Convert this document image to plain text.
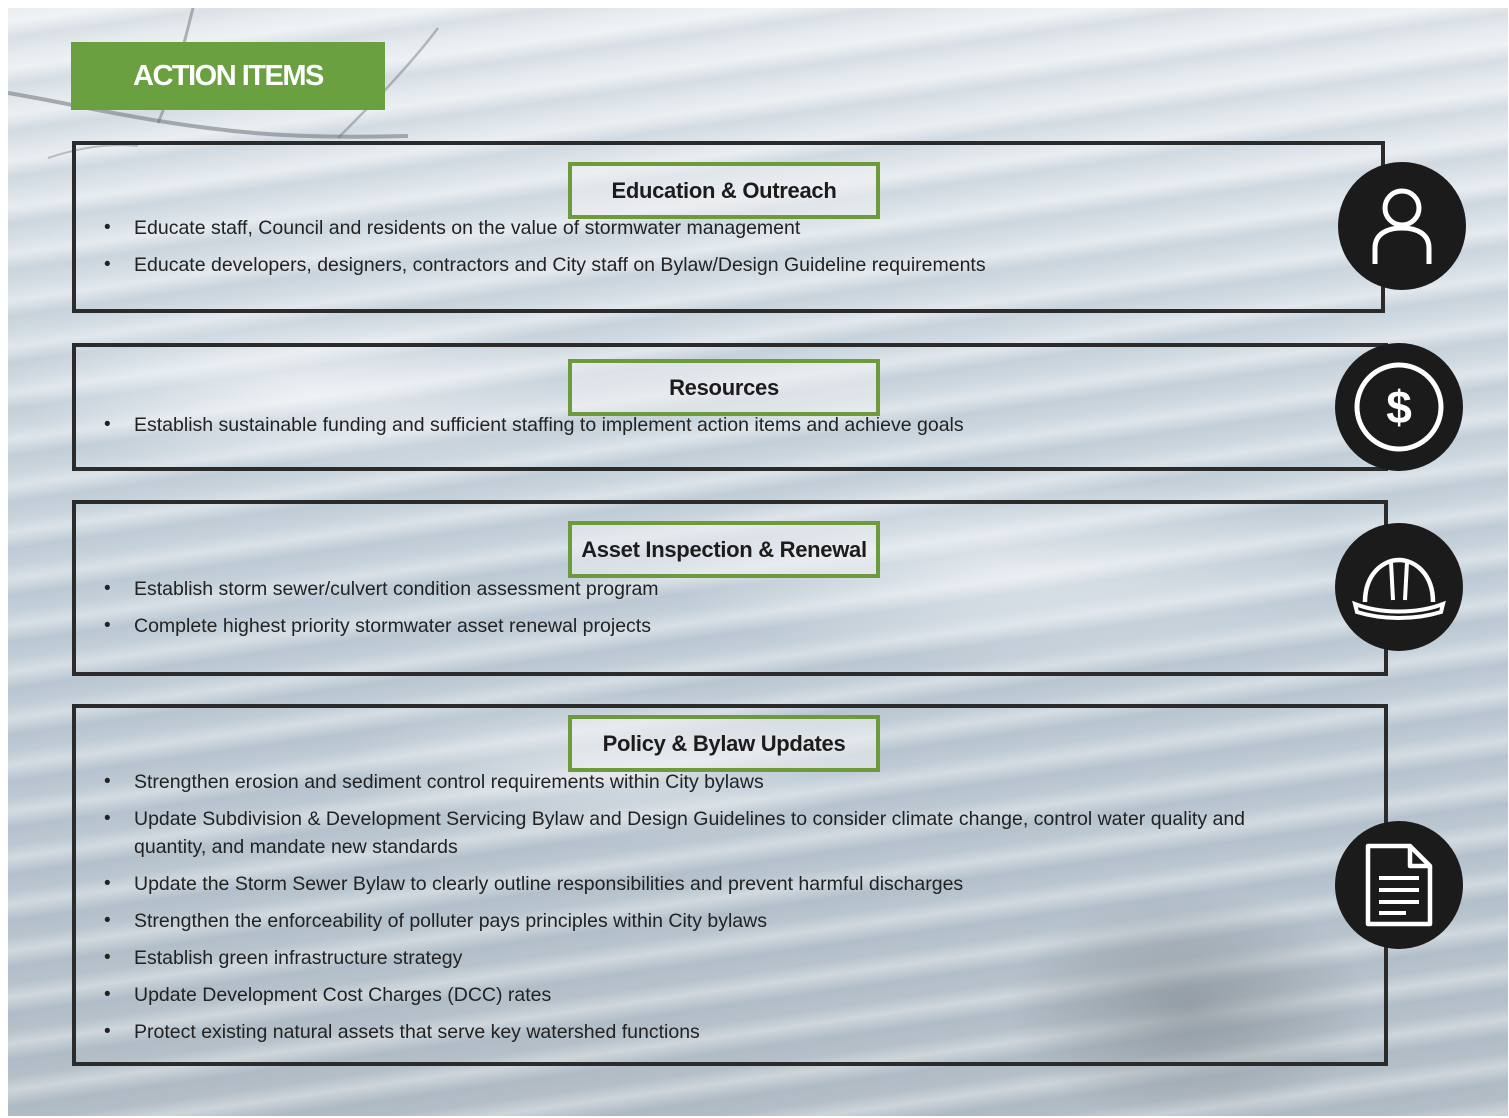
ACTION ITEMS
Education & Outreach
• Educate staff, Council and residents on the value of stormwater management
• Educate developers, designers, contractors and City staff on Bylaw/Design Guideline requirements
Resources
• Establish sustainable funding and sufficient staffing to implement action items and achieve goals	$
Asset Inspection & Renewal
• Establish storm sewer/culvert condition assessment program
• Complete highest priority stormwater asset renewal projects
Policy & Bylaw Updates
• Strengthen erosion and sediment control requirements within City bylaws
• Update Subdivision & Development Servicing Bylaw and Design Guidelines to consider climate change, control water quality and quantity, and mandate new standards
• Update the Storm Sewer Bylaw to clearly outline responsibilities and prevent harmful discharges
• Strengthen the enforceability of polluter pays principles within City bylaws
• Establish green infrastructure strategy
• Update Development Cost Charges (DCC) rates
• Protect existing natural assets that serve key watershed functions
